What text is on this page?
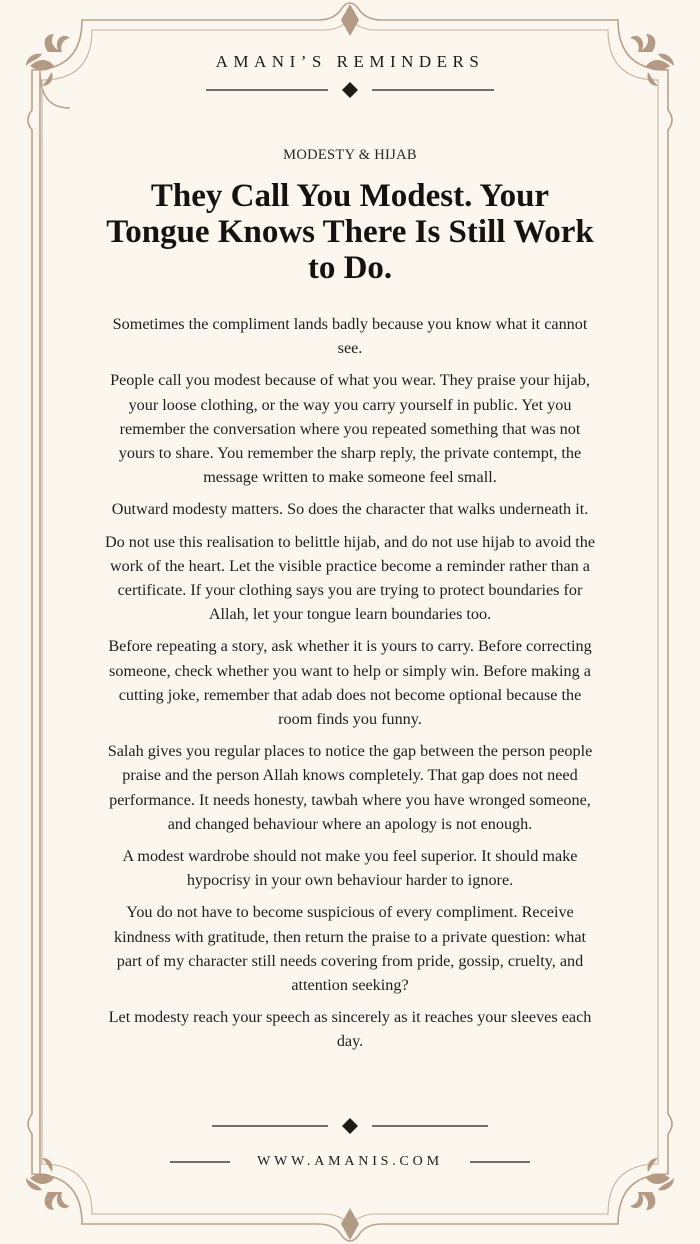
AMANI’S REMINDERS
MODESTY & HIJAB
They Call You Modest. Your Tongue Knows There Is Still Work to Do.

Sometimes the compliment lands badly because you know what it cannot see.

People call you modest because of what you wear. They praise your hijab, your loose clothing, or the way you carry yourself in public. Yet you remember the conversation where you repeated something that was not yours to share. You remember the sharp reply, the private contempt, the message written to make someone feel small.

Outward modesty matters. So does the character that walks underneath it.

Do not use this realisation to belittle hijab, and do not use hijab to avoid the work of the heart. Let the visible practice become a reminder rather than a certificate. If your clothing says you are trying to protect boundaries for Allah, let your tongue learn boundaries too.

Before repeating a story, ask whether it is yours to carry. Before correcting someone, check whether you want to help or simply win. Before making a cutting joke, remember that adab does not become optional because the room finds you funny.

Salah gives you regular places to notice the gap between the person people praise and the person Allah knows completely. That gap does not need performance. It needs honesty, tawbah where you have wronged someone, and changed behaviour where an apology is not enough.

A modest wardrobe should not make you feel superior. It should make hypocrisy in your own behaviour harder to ignore.

You do not have to become suspicious of every compliment. Receive kindness with gratitude, then return the praise to a private question: what part of my character still needs covering from pride, gossip, cruelty, and attention seeking?

Let modesty reach your speech as sincerely as it reaches your sleeves each day.

WWW.AMANIS.COM
